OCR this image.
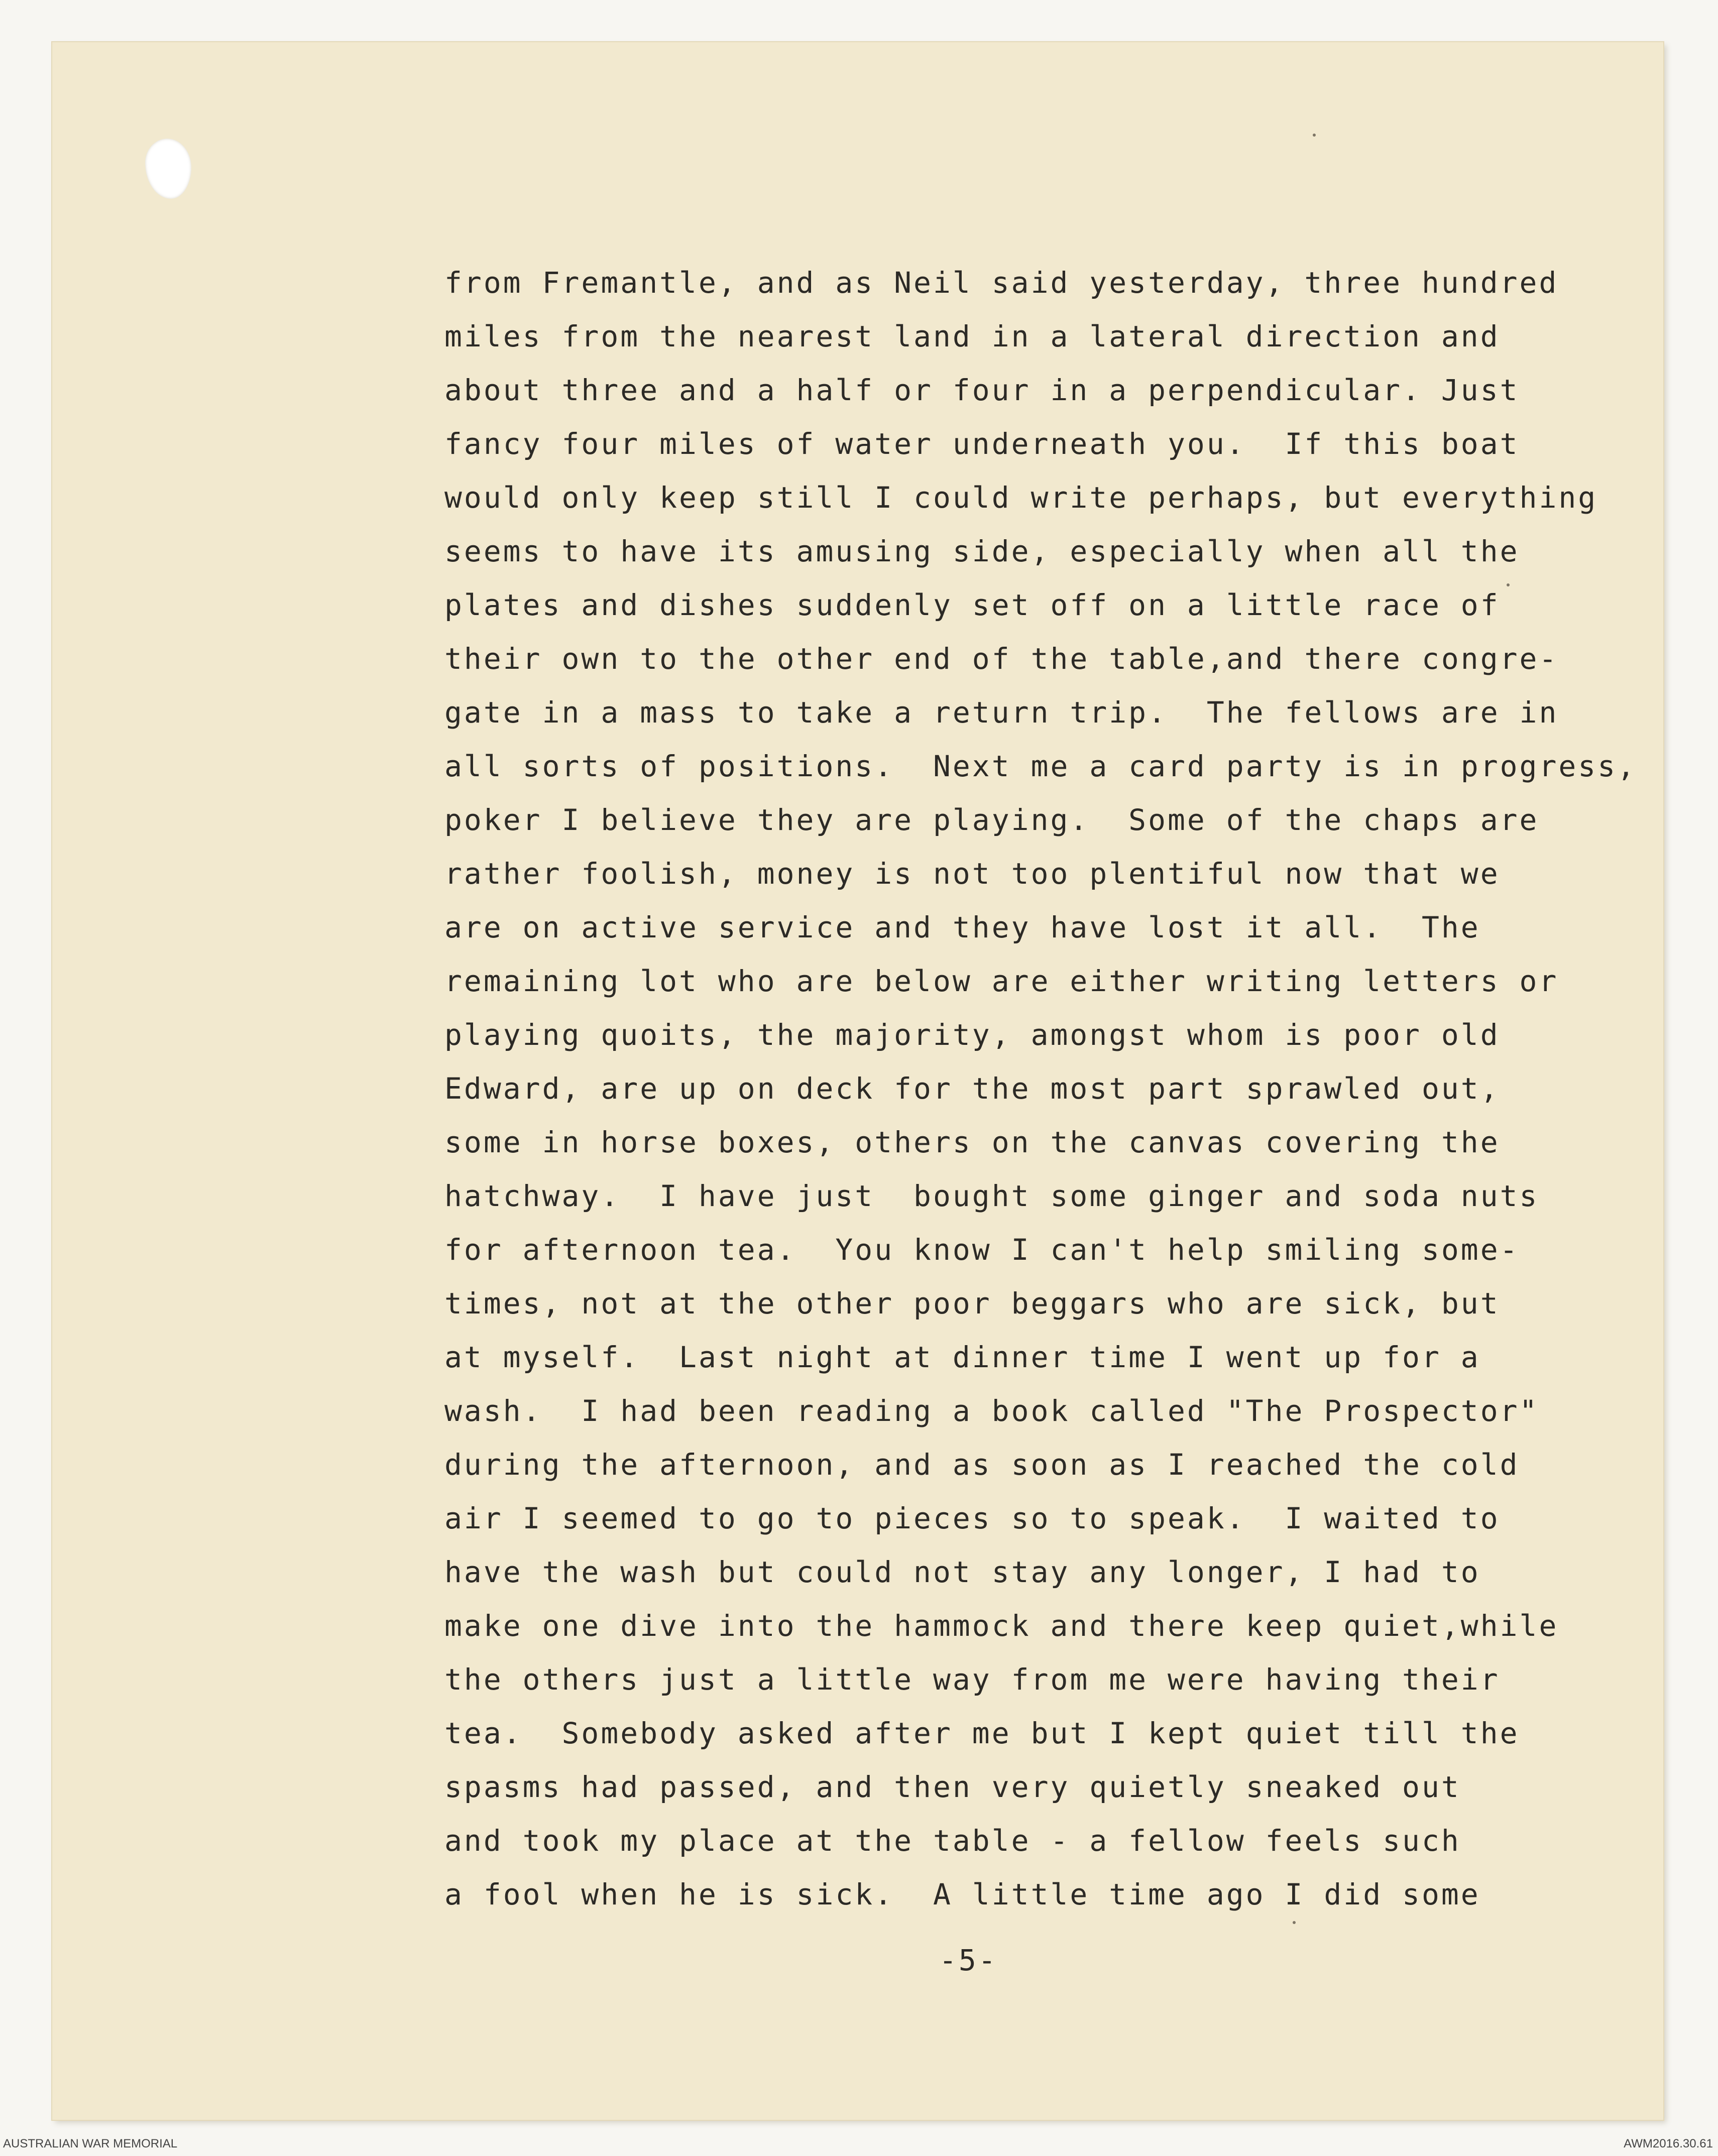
from Fremantle, and as Neil said yesterday, three hundred
miles from the nearest land in a lateral direction and
about three and a half or four in a perpendicular. Just
fancy four miles of water underneath you.  If this boat
would only keep still I could write perhaps, but everything
seems to have its amusing side, especially when all the
plates and dishes suddenly set off on a little race of
their own to the other end of the table,and there congre-
gate in a mass to take a return trip.  The fellows are in
all sorts of positions.  Next me a card party is in progress,
poker I believe they are playing.  Some of the chaps are
rather foolish, money is not too plentiful now that we
are on active service and they have lost it all.  The
remaining lot who are below are either writing letters or
playing quoits, the majority, amongst whom is poor old
Edward, are up on deck for the most part sprawled out,
some in horse boxes, others on the canvas covering the
hatchway.  I have just  bought some ginger and soda nuts
for afternoon tea.  You know I can't help smiling some-
times, not at the other poor beggars who are sick, but
at myself.  Last night at dinner time I went up for a
wash.  I had been reading a book called "The Prospector"
during the afternoon, and as soon as I reached the cold
air I seemed to go to pieces so to speak.  I waited to
have the wash but could not stay any longer, I had to
make one dive into the hammock and there keep quiet,while
the others just a little way from me were having their
tea.  Somebody asked after me but I kept quiet till the
spasms had passed, and then very quietly sneaked out
and took my place at the table - a fellow feels such
a fool when he is sick.  A little time ago I did some
-5-
AUSTRALIAN WAR MEMORIAL	AWM2016.30.61
